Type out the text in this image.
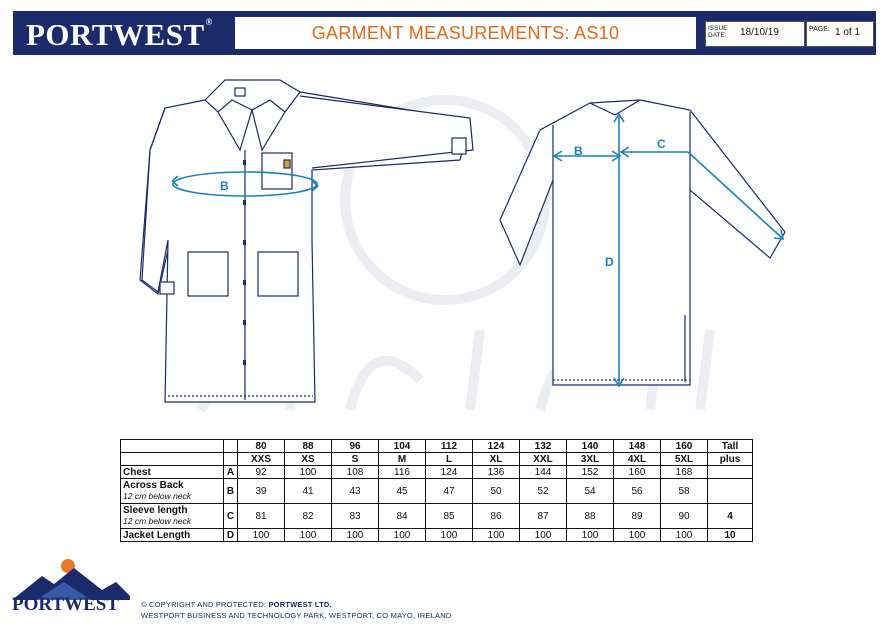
PORTWEST®
GARMENT MEASUREMENTS: AS10	ISSUE
DATE: 18/10/19	PAGE: 1 of 1
B
B	C
D
		80	88	96	104	112	124	132	140	148	160	Tall
		XXS	XS	S	M	L	XL	XXL	3XL	4XL	5XL	plus
Chest	A	92	100	108	116	124	136	144	152	160	168	
Across Back
12 cm below neck	B	39	41	43	45	47	50	52	54	56	58	
Sleeve length
12 cm below neck	C	81	82	83	84	85	86	87	88	89	90	4
Jacket Length	D	100	100	100	100	100	100	100	100	100	100	10
PORTWEST	© COPYRIGHT AND PROTECTED: PORTWEST LTD.
WESTPORT BUSINESS AND TECHNOLOGY PARK, WESTPORT, CO MAYO, IRELAND
